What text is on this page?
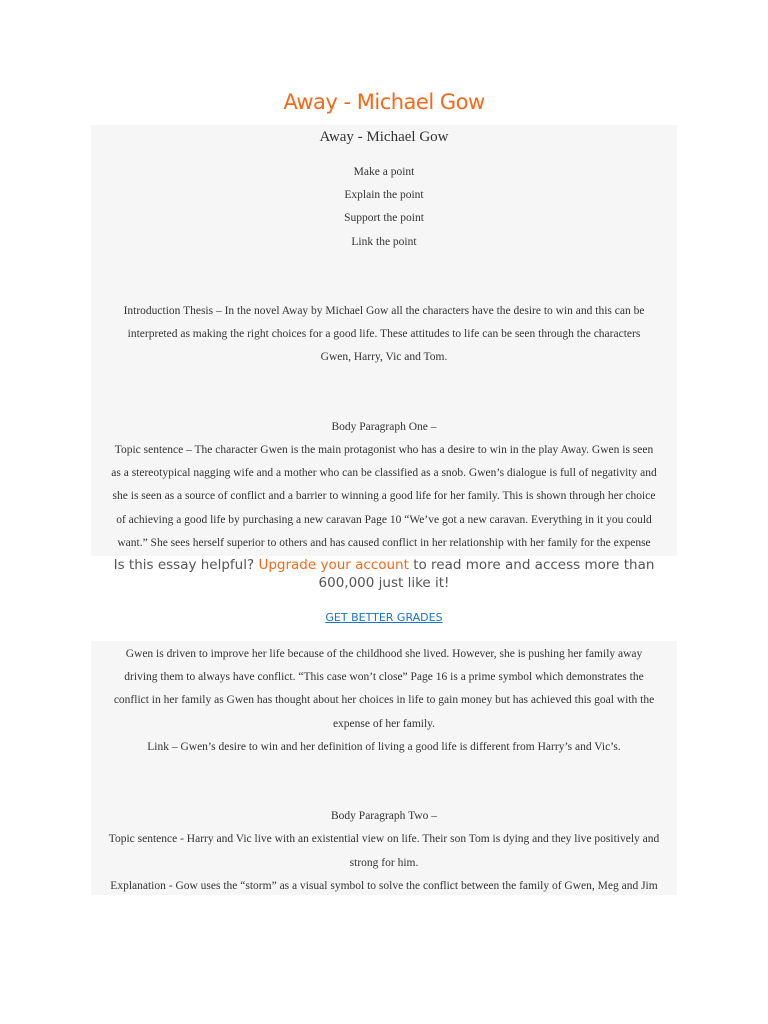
Away - Michael Gow
Away - Michael Gow

Make a point

Explain the point

Support the point

Link the point

Introduction Thesis – In the novel Away by Michael Gow all the characters have the desire to win and this can be

interpreted as making the right choices for a good life. These attitudes to life can be seen through the characters

Gwen, Harry, Vic and Tom.

Body Paragraph One –

Topic sentence – The character Gwen is the main protagonist who has a desire to win in the play Away. Gwen is seen

as a stereotypical nagging wife and a mother who can be classified as a snob. Gwen’s dialogue is full of negativity and

she is seen as a source of conflict and a barrier to winning a good life for her family. This is shown through her choice

of achieving a good life by purchasing a new caravan Page 10 “We’ve got a new caravan. Everything in it you could

want.” She sees herself superior to others and has caused conflict in her relationship with her family for the expense

Is this essay helpful? Upgrade your account to read more and access more than 600,000 just like it!
GET BETTER GRADES

Gwen is driven to improve her life because of the childhood she lived. However, she is pushing her family away

driving them to always have conflict. “This case won’t close” Page 16 is a prime symbol which demonstrates the

conflict in her family as Gwen has thought about her choices in life to gain money but has achieved this goal with the

expense of her family.

Link – Gwen’s desire to win and her definition of living a good life is different from Harry’s and Vic’s.

Body Paragraph Two –

Topic sentence - Harry and Vic live with an existential view on life. Their son Tom is dying and they live positively and

strong for him.

Explanation - Gow uses the “storm” as a visual symbol to solve the conflict between the family of Gwen, Meg and Jim
